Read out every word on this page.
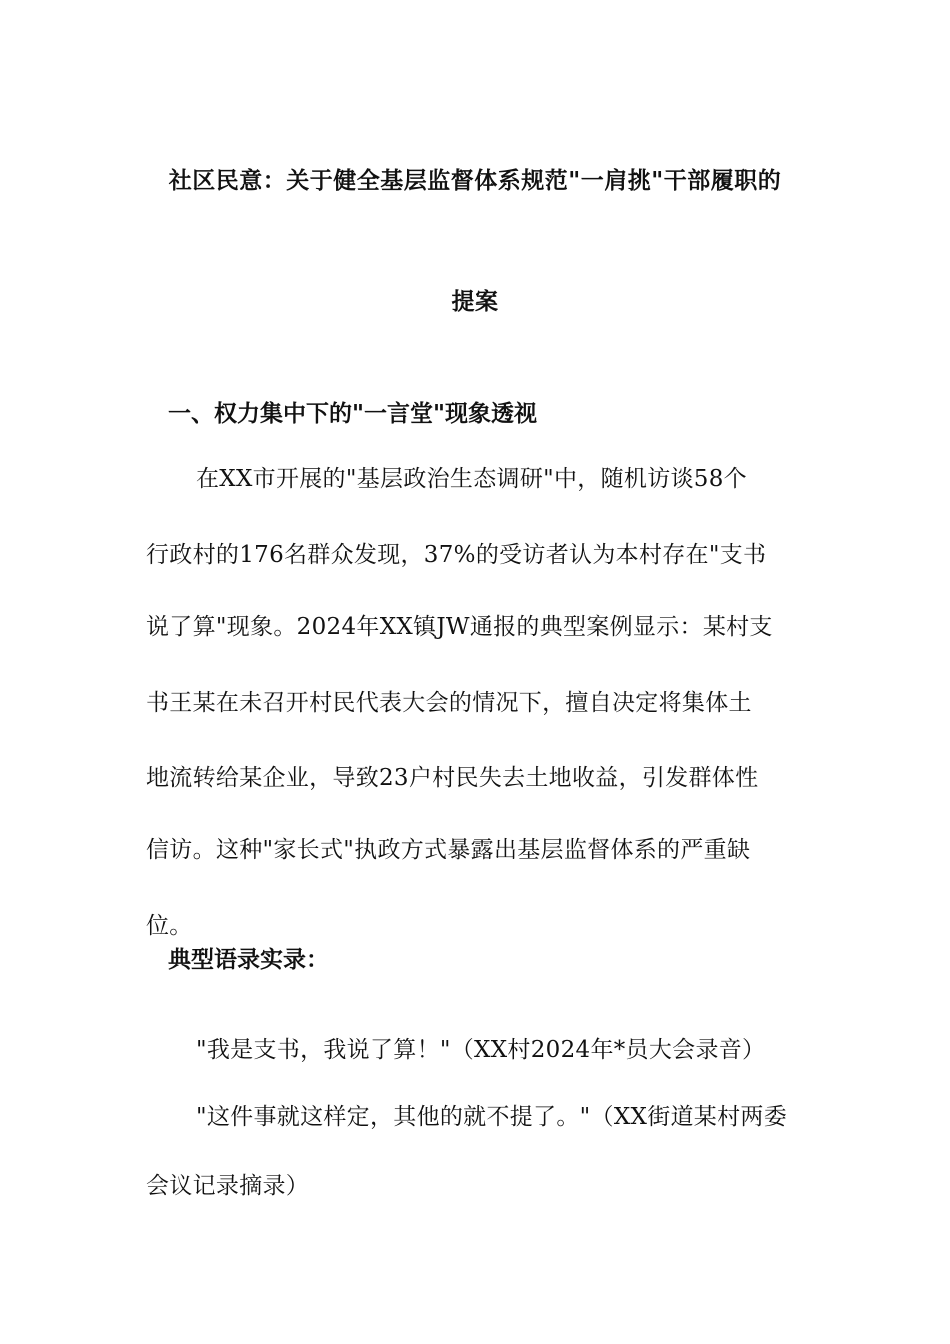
社区民意：关于健全基层监督体系规范"一肩挑"干部履职的
提案
一、权力集中下的"一言堂"现象透视
在XX市开展的"基层政治生态调研"中，随机访谈58个
行政村的176名群众发现，37%的受访者认为本村存在"支书
说了算"现象。2024年XX镇JW通报的典型案例显示：某村支
书王某在未召开村民代表大会的情况下，擅自决定将集体土
地流转给某企业，导致23户村民失去土地收益，引发群体性
信访。这种"家长式"执政方式暴露出基层监督体系的严重缺
位。
典型语录实录：
"我是支书，我说了算！"（XX村2024年*员大会录音）
"这件事就这样定，其他的就不提了。"（XX街道某村两委
会议记录摘录）
